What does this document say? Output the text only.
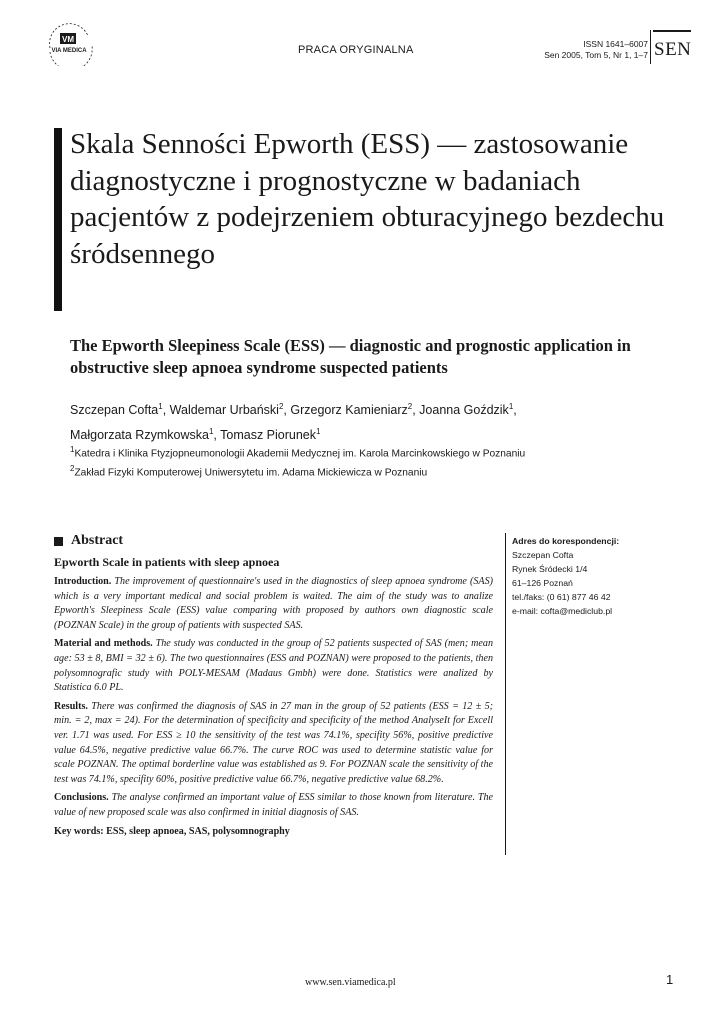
VM
VIA MEDICA	PRACA ORYGINALNA	ISSN 1641–6007
Sen 2005, Tom 5, Nr 1, 1–7 SEN
Skala Senności Epworth (ESS) — zastosowanie diagnostyczne i prognostyczne w badaniach pacjentów z podejrzeniem obturacyjnego bezdechu śródsennego
The Epworth Sleepiness Scale (ESS) — diagnostic and prognostic application in obstructive sleep apnoea syndrome suspected patients
Szczepan Cofta$^1$, Waldemar Urbański$^2$, Grzegorz Kamieniarz$^2$, Joanna Goździk$^1$,
Małgorzata Rzymkowska$^1$, Tomasz Piorunek$^1$
$^1$Katedra i Klinika Ftyzjopneumonologii Akademii Medycznej im. Karola Marcinkowskiego w Poznaniu
$^2$Zakład Fizyki Komputerowej Uniwersytetu im. Adama Mickiewicza w Poznaniu
Abstract
Epworth Scale in patients with sleep apnoea

Introduction. The improvement of questionnaire's used in the diagnostics of sleep apnoea syndrome (SAS) which is a very important medical and social problem is waited. The aim of the study was to analize Epworth's Sleepiness Scale (ESS) value comparing with proposed by authors own diagnostic scale (POZNAN Scale) in the group of patients with suspected SAS.

Material and methods. The study was conducted in the group of 52 patients suspected of SAS (men; mean age: 53 ± 8, BMI = 32 ± 6). The two questionnaires (ESS and POZNAN) were proposed to the patients, then polysomnografic study with POLY-MESAM (Madaus Gmbh) were done. Statistics were analized by Statistica 6.0 PL.

Results. There was confirmed the diagnosis of SAS in 27 man in the group of 52 patients (ESS = 12 ± 5; min. = 2, max = 24). For the determination of specificity and specificity of the method AnalyseIt for Excell ver. 1.71 was used. For ESS ≥ 10 the sensitivity of the test was 74.1%, specifity 56%, positive predictive value 64.5%, negative predictive value 66.7%. The curve ROC was used to determine statistic value for scale POZNAN. The optimal borderline value was established as 9. For POZNAN scale the sensitivity of the test was 74.1%, specifity 60%, positive predictive value 66.7%, negative predictive value 68.2%.

Conclusions. The analyse confirmed an important value of ESS similar to those known from literature. The value of new proposed scale was also confirmed in initial diagnosis of SAS.

Key words: ESS, sleep apnoea, SAS, polysomnography
Adres do korespondencji:
Szczepan Cofta
Rynek Śródecki 1/4
61–126 Poznań
tel./faks: (0 61) 877 46 42
e-mail: cofta@mediclub.pl
www.sen.viamedica.pl	1
